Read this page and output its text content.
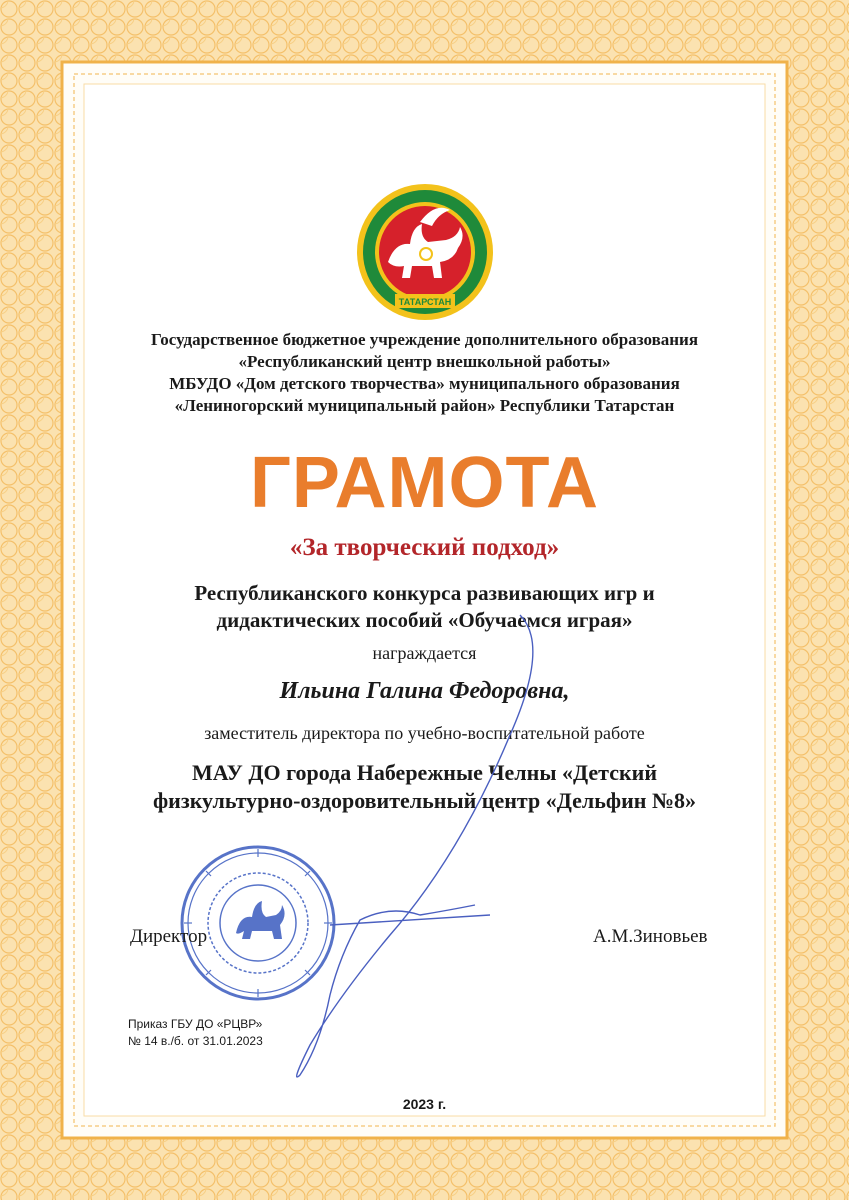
ТАТАРСТАН
Государственное бюджетное учреждение дополнительного образования
«Республиканский центр внешкольной работы»
МБУДО «Дом детского творчества» муниципального образования
«Лениногорский муниципальный район» Республики Татарстан
ГРАМОТА
«За творческий подход»
Республиканского конкурса развивающих игр и
дидактических пособий «Обучаемся играя»
награждается
Ильина Галина Федоровна,
заместитель директора по учебно-воспитательной работе
МАУ ДО города Набережные Челны «Детский
физкультурно-оздоровительный центр «Дельфин №8»
Директор	А.М.Зиновьев
Приказ ГБУ ДО «РЦВР»
№ 14 в./б. от 31.01.2023
2023 г.
